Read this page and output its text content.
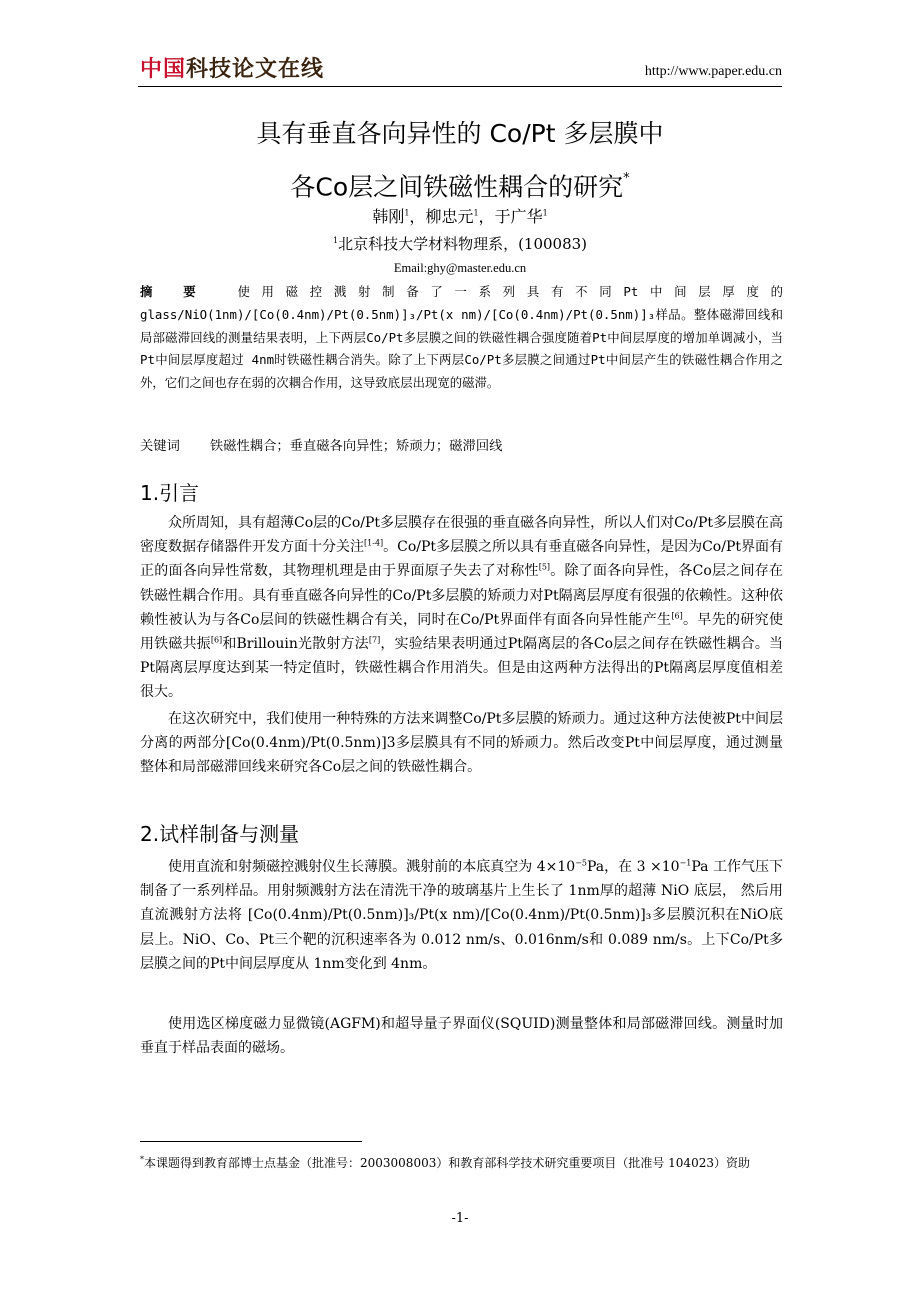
中国科技论文在线	http://www.paper.edu.cn
具有垂直各向异性的 Co/Pt 多层膜中
各Co层之间铁磁性耦合的研究*
韩刚$^1$，柳忠元$^1$，于广华$^1$
$^1$北京科技大学材料物理系，(100083)
Email:ghy@master.edu.cn
摘 要 使用磁控溅射制备了一系列具有不同Pt中间层厚度的glass/NiO(1nm)/[Co(0.4nm)/Pt(0.5nm)]₃/Pt(x nm)/[Co(0.4nm)/Pt(0.5nm)]₃样品。整体磁滞回线和局部磁滞回线的测量结果表明，上下两层Co/Pt多层膜之间的铁磁性耦合强度随着Pt中间层厚度的增加单调减小，当Pt中间层厚度超过 4nm时铁磁性耦合消失。除了上下两层Co/Pt多层膜之间通过Pt中间层产生的铁磁性耦合作用之外，它们之间也存在弱的次耦合作用，这导致底层出现宽的磁滞。
关键词 铁磁性耦合；垂直磁各向异性；矫顽力；磁滞回线
1.引言

众所周知，具有超薄Co层的Co/Pt多层膜存在很强的垂直磁各向异性，所以人们对Co/Pt多层膜在高密度数据存储器件开发方面十分关注[1-4]。Co/Pt多层膜之所以具有垂直磁各向异性，是因为Co/Pt界面有正的面各向异性常数，其物理机理是由于界面原子失去了对称性[5]。除了面各向异性，各Co层之间存在铁磁性耦合作用。具有垂直磁各向异性的Co/Pt多层膜的矫顽力对Pt隔离层厚度有很强的依赖性。这种依赖性被认为与各Co层间的铁磁性耦合有关，同时在Co/Pt界面伴有面各向异性能产生[6]。早先的研究使用铁磁共振[6]和Brillouin光散射方法[7]，实验结果表明通过Pt隔离层的各Co层之间存在铁磁性耦合。当Pt隔离层厚度达到某一特定值时，铁磁性耦合作用消失。但是由这两种方法得出的Pt隔离层厚度值相差很大。

在这次研究中，我们使用一种特殊的方法来调整Co/Pt多层膜的矫顽力。通过这种方法使被Pt中间层分离的两部分[Co(0.4nm)/Pt(0.5nm)]3多层膜具有不同的矫顽力。然后改变Pt中间层厚度，通过测量整体和局部磁滞回线来研究各Co层之间的铁磁性耦合。

2.试样制备与测量

使用直流和射频磁控溅射仪生长薄膜。溅射前的本底真空为 $4\times 10^{-5}Pa$，在 $3 \times 10^{-1}Pa$ 工作气压下制备了一系列样品。用射频溅射方法在清洗干净的玻璃基片上生长了 1nm厚的超薄 NiO 底层， 然后用直流溅射方法将 [Co(0.4nm)/Pt(0.5nm)]₃/Pt(x nm)/[Co(0.4nm)/Pt(0.5nm)]₃多层膜沉积在NiO底层上。NiO、Co、Pt三个靶的沉积速率各为 0.012 nm/s、0.016nm/s和 0.089 nm/s。上下Co/Pt多层膜之间的Pt中间层厚度从 1nm变化到 4nm。

使用选区梯度磁力显微镜(AGFM)和超导量子界面仪(SQUID)测量整体和局部磁滞回线。测量时加垂直于样品表面的磁场。

*本课题得到教育部博士点基金（批准号：2003008003）和教育部科学技术研究重要项目（批准号 104023）资助
-1-
